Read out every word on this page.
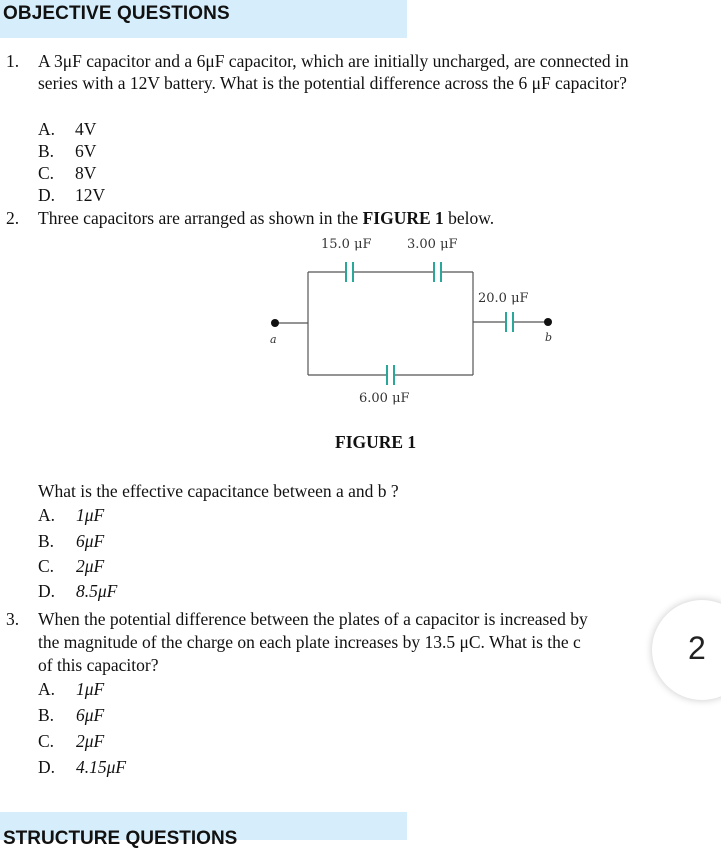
OBJECTIVE QUESTIONS
1. A 3μF capacitor and a 6μF capacitor, which are initially uncharged, are connected in
series with a 12V battery. What is the potential difference across the 6 μF capacitor?
A. 4V
B. 6V
C. 8V
D. 12V
2. Three capacitors are arranged as shown in the FIGURE 1 below.
15.0 μF	3.00 μF
20.0 μF
6.00 μF
a	b
FIGURE 1
What is the effective capacitance between a and b ?
A. 1μF
B. 6μF
C. 2μF
D. 8.5μF
3. When the potential difference between the plates of a capacitor is increased by
the magnitude of the charge on each plate increases by 13.5 μC. What is the c
of this capacitor?
A. 1μF
B. 6μF
C. 2μF
D. 4.15μF
2
STRUCTURE QUESTIONS
